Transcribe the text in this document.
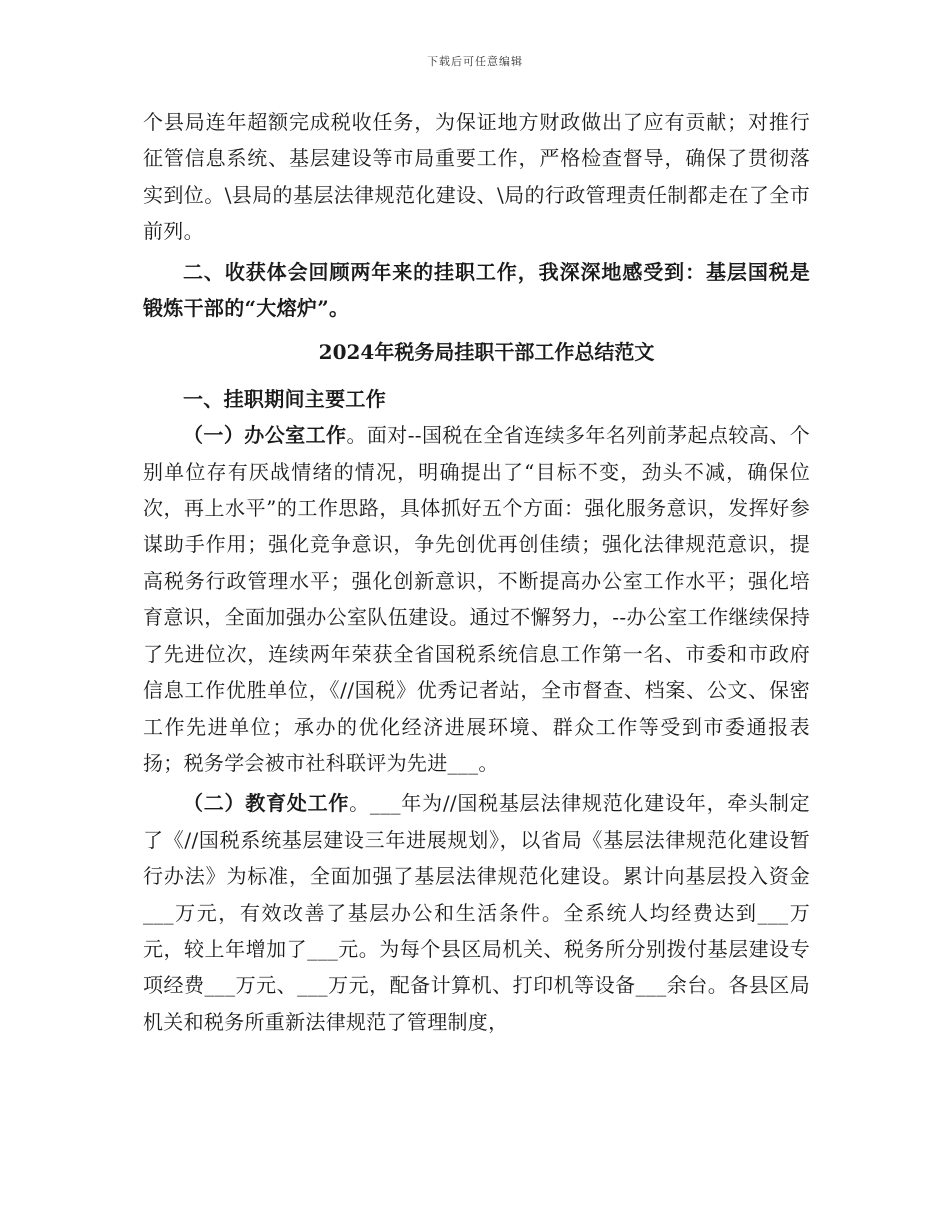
下载后可任意编辑

个县局连年超额完成税收任务，为保证地方财政做出了应有贡献；对推行征管信息系统、基层建设等市局重要工作，严格检查督导，确保了贯彻落实到位。\县局的基层法律规范化建设、\局的行政管理责任制都走在了全市前列。

二、收获体会回顾两年来的挂职工作，我深深地感受到：基层国税是锻炼干部的“大熔炉”。

2024年税务局挂职干部工作总结范文

一、挂职期间主要工作

（一）办公室工作。面对--国税在全省连续多年名列前茅起点较高、个别单位存有厌战情绪的情况，明确提出了“目标不变，劲头不减，确保位次，再上水平”的工作思路，具体抓好五个方面：强化服务意识，发挥好参谋助手作用；强化竞争意识，争先创优再创佳绩；强化法律规范意识，提高税务行政管理水平；强化创新意识，不断提高办公室工作水平；强化培育意识，全面加强办公室队伍建设。通过不懈努力，--办公室工作继续保持了先进位次，连续两年荣获全省国税系统信息工作第一名、市委和市政府信息工作优胜单位，《//国税》优秀记者站，全市督查、档案、公文、保密工作先进单位；承办的优化经济进展环境、群众工作等受到市委通报表扬；税务学会被市社科联评为先进___。

（二）教育处工作。___年为//国税基层法律规范化建设年，牵头制定了《//国税系统基层建设三年进展规划》，以省局《基层法律规范化建设暂行办法》为标准，全面加强了基层法律规范化建设。累计向基层投入资金___万元，有效改善了基层办公和生活条件。全系统人均经费达到___万元，较上年增加了___元。为每个县区局机关、税务所分别拨付基层建设专项经费___万元、___万元，配备计算机、打印机等设备___余台。各县区局机关和税务所重新法律规范了管理制度，
